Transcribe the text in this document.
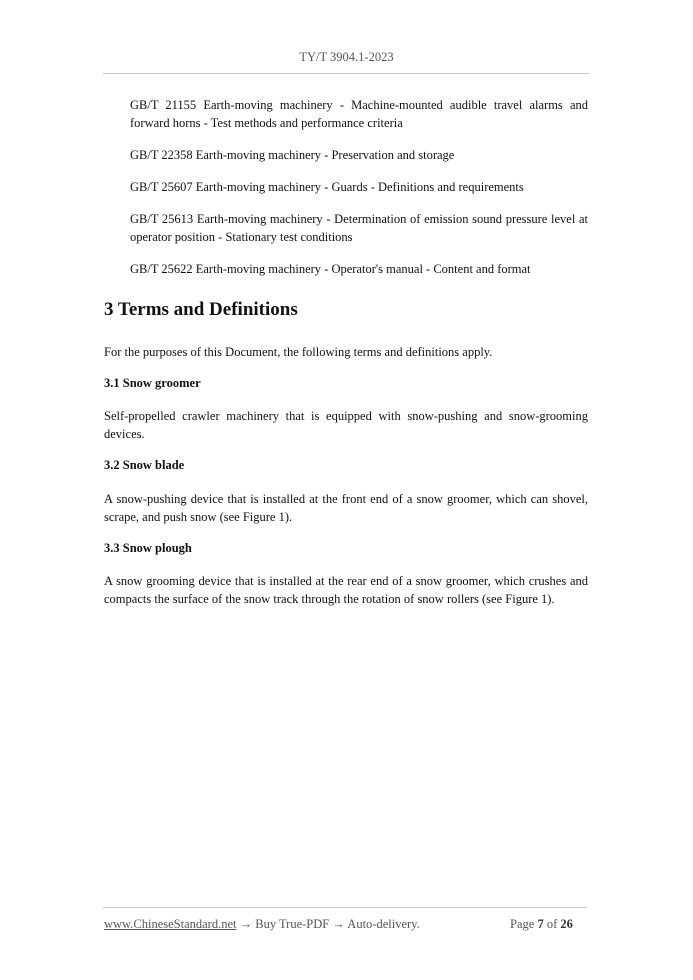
TY/T 3904.1-2023
GB/T 21155 Earth-moving machinery - Machine-mounted audible travel alarms and forward horns - Test methods and performance criteria
GB/T 22358 Earth-moving machinery - Preservation and storage
GB/T 25607 Earth-moving machinery - Guards - Definitions and requirements
GB/T 25613 Earth-moving machinery - Determination of emission sound pressure level at operator position - Stationary test conditions
GB/T 25622 Earth-moving machinery - Operator's manual - Content and format
3 Terms and Definitions
For the purposes of this Document, the following terms and definitions apply.
3.1 Snow groomer
Self-propelled crawler machinery that is equipped with snow-pushing and snow-grooming devices.
3.2 Snow blade
A snow-pushing device that is installed at the front end of a snow groomer, which can shovel, scrape, and push snow (see Figure 1).
3.3 Snow plough
A snow grooming device that is installed at the rear end of a snow groomer, which crushes and compacts the surface of the snow track through the rotation of snow rollers (see Figure 1).
www.ChineseStandard.net → Buy True-PDF → Auto-delivery.	Page 7 of 26
